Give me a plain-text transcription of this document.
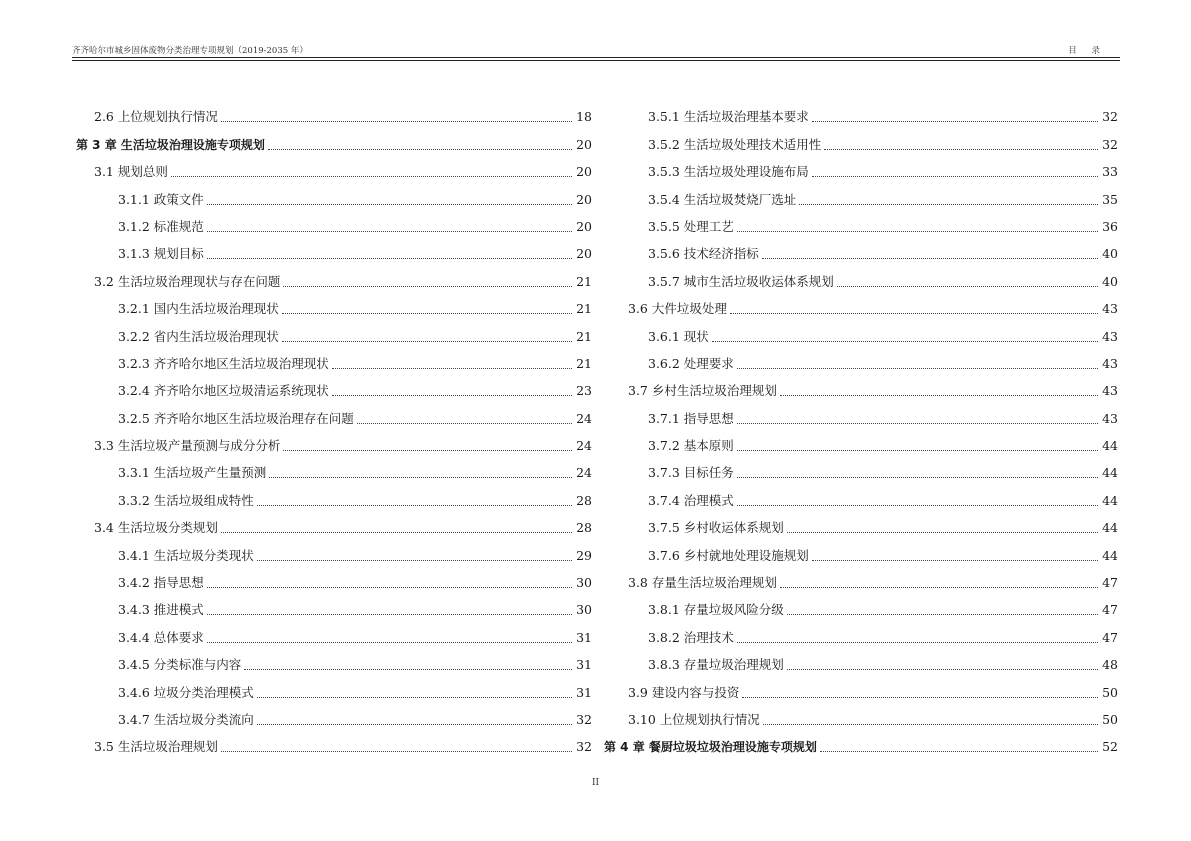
齐齐哈尔市城乡固体废物分类治理专项规划（2019-2035 年）	目 录
2.6 上位规划执行情况	18
第 3 章 生活垃圾治理设施专项规划	20
3.1 规划总则	20
3.1.1 政策文件	20
3.1.2 标准规范	20
3.1.3 规划目标	20
3.2 生活垃圾治理现状与存在问题	21
3.2.1 国内生活垃圾治理现状	21
3.2.2 省内生活垃圾治理现状	21
3.2.3 齐齐哈尔地区生活垃圾治理现状	21
3.2.4 齐齐哈尔地区垃圾清运系统现状	23
3.2.5 齐齐哈尔地区生活垃圾治理存在问题	24
3.3 生活垃圾产量预测与成分分析	24
3.3.1 生活垃圾产生量预测	24
3.3.2 生活垃圾组成特性	28
3.4 生活垃圾分类规划	28
3.4.1 生活垃圾分类现状	29
3.4.2 指导思想	30
3.4.3 推进模式	30
3.4.4 总体要求	31
3.4.5 分类标准与内容	31
3.4.6 垃圾分类治理模式	31
3.4.7 生活垃圾分类流向	32
3.5 生活垃圾治理规划	32
3.5.1 生活垃圾治理基本要求	32
3.5.2 生活垃圾处理技术适用性	32
3.5.3 生活垃圾处理设施布局	33
3.5.4 生活垃圾焚烧厂选址	35
3.5.5 处理工艺	36
3.5.6 技术经济指标	40
3.5.7 城市生活垃圾收运体系规划	40
3.6 大件垃圾处理	43
3.6.1 现状	43
3.6.2 处理要求	43
3.7 乡村生活垃圾治理规划	43
3.7.1 指导思想	43
3.7.2 基本原则	44
3.7.3 目标任务	44
3.7.4 治理模式	44
3.7.5 乡村收运体系规划	44
3.7.6 乡村就地处理设施规划	44
3.8 存量生活垃圾治理规划	47
3.8.1 存量垃圾风险分级	47
3.8.2 治理技术	47
3.8.3 存量垃圾治理规划	48
3.9 建设内容与投资	50
3.10 上位规划执行情况	50
第 4 章 餐厨垃圾垃圾治理设施专项规划	52
II
